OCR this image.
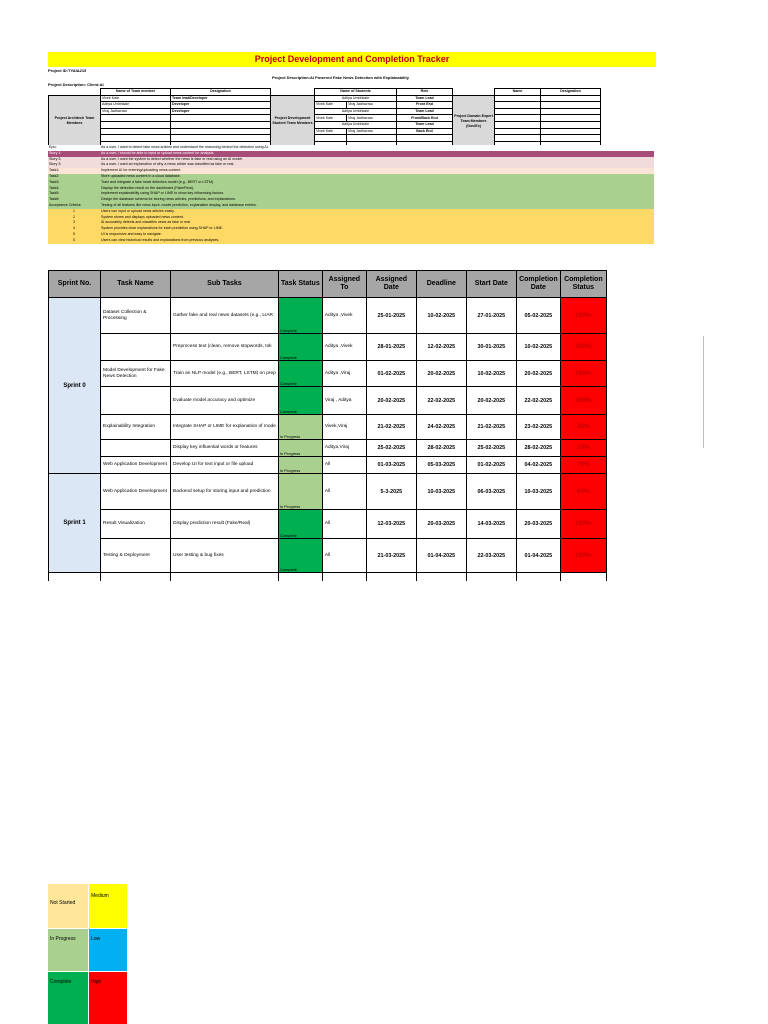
Project Development and Completion Tracker
Project ID:TYAIA215
Project Description:AI Powered Fake News Detection with Explainability
Project Description: Client:AI
	Name of Team member	Designation		Name of Students		Role		Name	Designation	
Project Architech Team Members	Vivek Kale	Team lead/Developer	Project Development Student Team Members	Aditya Umbhkale		Team Lead	Project Domain Expert Team Members (Gov/Ex)			
	Aditya Umbhkale	Developer		Vivek Kale	Viraj Jadhavrao	Front End				
	Viraj Jadhavrao	Developer		Aditya Umbhkale		Team Lead				
				Vivek Kale	Viraj Jadhavrao	Front/Back End				
				Aditya Umbhkale		Team Lead				
				Vivek Kale	Viraj Jadhavrao	Back End				

Epic:	As a user, I want to detect fake news articles and understand the reasoning behind the detection using AI.
Story 1:	As a user, I should be able to input or upload news content for analysis.
Story 2:	As a user, I want the system to detect whether the news is fake or real using an AI model.
Story 3:	As a user, I want an explanation of why a news article was classified as fake or real.
Task1:	Implement UI for entering/uploading news content.
Task2:	Store uploaded news content in a cloud database.
Task3:	Train and integrate a fake news detection model (e.g., BERT or LSTM).
Task4:	Display the detection result on the dashboard (Fake/Real).
Task5:	Implement explainability using SHAP or LIME to show key influencing factors.
Task6:	Design the database schema for storing news articles, predictions, and explanations.
Acceptance Criteria:	Testing of all features like news input, model prediction, explanation display, and database entries.
1	Users can input or upload news articles easily.
2	System stores and displays uploaded news content.
3	AI accurately detects and classifies news as fake or real.
4	System provides clear explanations for each prediction using SHAP or LIME.
5	UI is responsive and easy to navigate.
5	Users can view historical results and explanations from previous analyses.
Sprint No.	Task Name	Sub Tasks	Task Status	Assigned To	Assigned Date	Deadline	Start Date	Completion Date	Completion Status
Sprint 0	Dataset Collection & Processing	Gather fake and real news datasets (e.g., LIAR	Complete	Aditya ,Vivek	25-01-2025	10-02-2025	27-01-2025	05-02-2025	100%
		Preprocess text (clean, remove stopwords, tok	Complete	Aditya ,Vivek	28-01-2025	12-02-2025	30-01-2025	10-02-2025	100%
	Model Development for Fake News Detection	Train an NLP model (e.g., BERT, LSTM) on prep	Complete	Aditya ,Viraj	01-02-2025	20-02-2025	10-02-2025	20-02-2025	100%
		Evaluate model accuracy and optimize	Complete	Viraj , Aditya	20-02-2025	22-02-2025	20-02-2025	22-02-2025	100%
	Explainability Integration	Integrate SHAP or LIME for explanation of mode	In Progress	Vivek,Viraj	21-02-2025	24-02-2025	21-02-2025	23-02-2025	30%
		Display key influential words or features	In Progress	Aditya,Viraj	25-02-2025	28-02-2025	25-02-2025	28-02-2025	10%
	Web Application Development	Develop UI for text input or file upload	In Progress	All	01-03-2025	05-03-2025	01-02-2025	04-02-2025	70%
Sprint 1	Web Application Development	Backend setup for storing input and prediction	In Progress	All	5-3-2025	10-03-2025	06-03-2025	10-03-2025	60%
	Result Visualization	Display prediction result (Fake/Real)	Complete	All	12-03-2025	20-03-2025	14-03-2025	20-03-2025	100%
	Testing & Deployment	User testing & bug fixes	Complete	All	21-03-2025	01-04-2025	22-03-2025	01-04-2025	100%

Not Started
Medium
In Progress	Low
Complete	High
